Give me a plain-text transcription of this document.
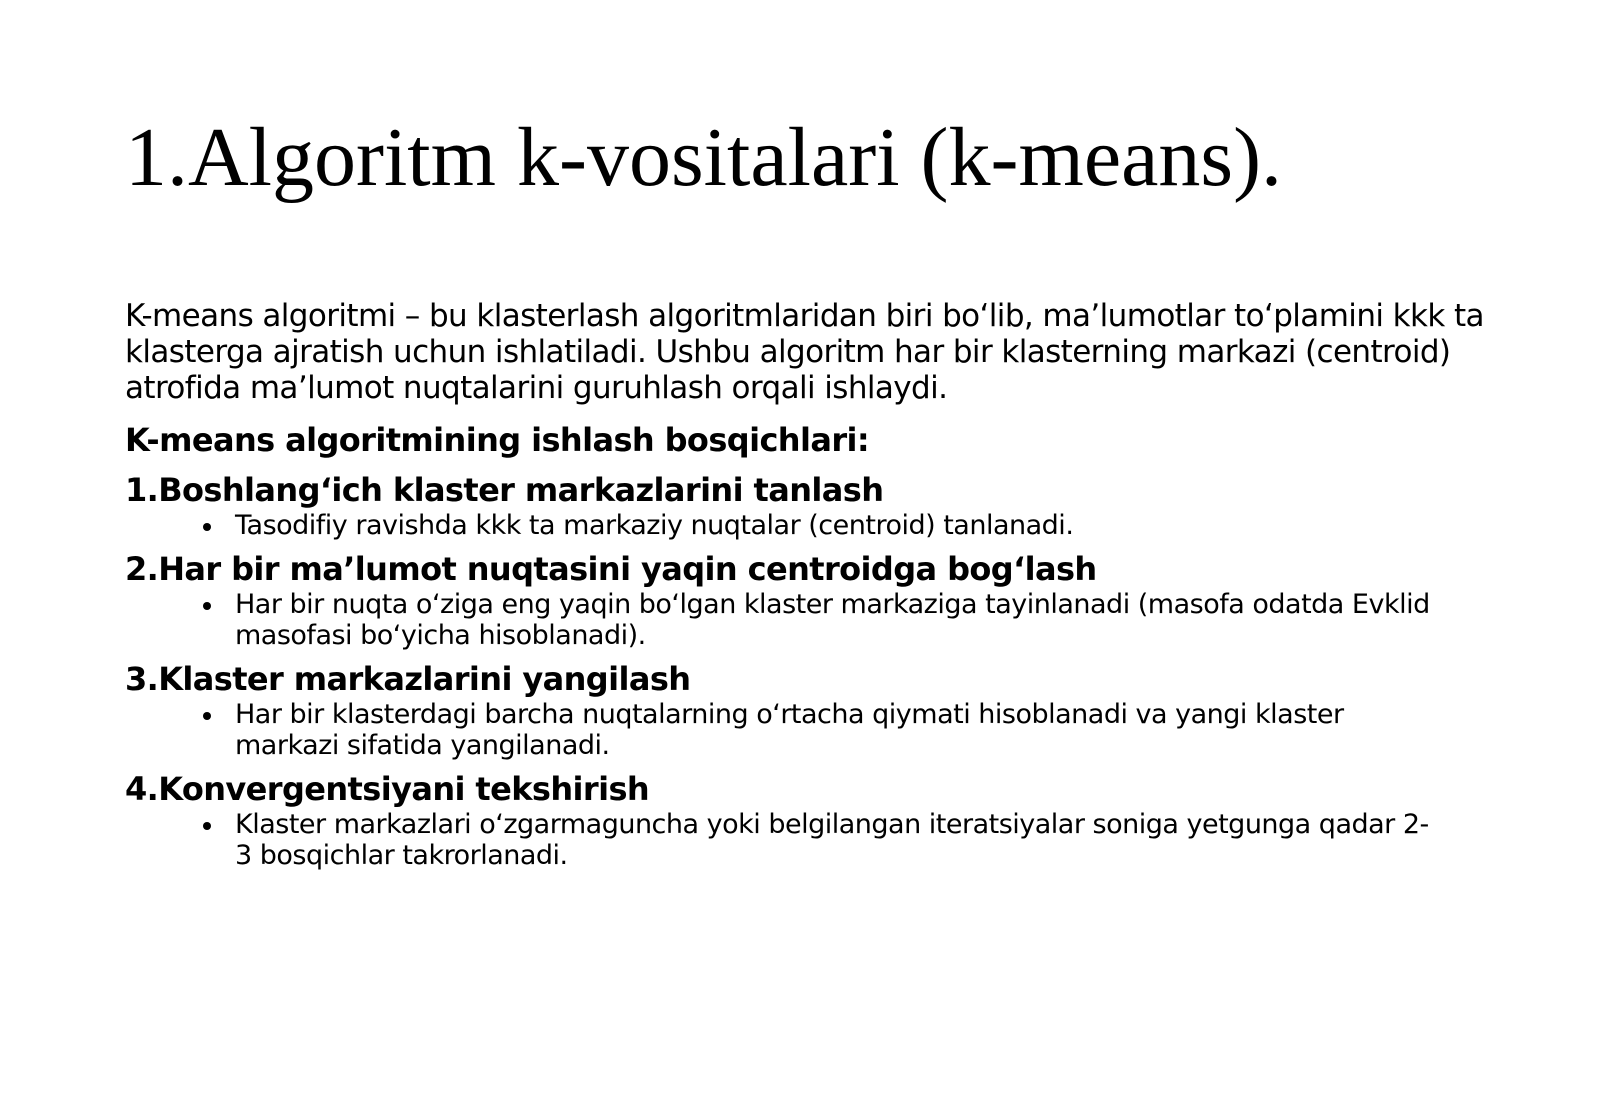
1.Algoritm k-vositalari (k-means).

K-means algoritmi – bu klasterlash algoritmlaridan biri bo‘lib, ma’lumotlar to‘plamini kkk ta klasterga ajratish uchun ishlatiladi. Ushbu algoritm har bir klasterning markazi (centroid) atrofida ma’lumot nuqtalarini guruhlash orqali ishlaydi.

K-means algoritmining ishlash bosqichlari:

1.Boshlang‘ich klaster markazlarini tanlash

Tasodifiy ravishda kkk ta markaziy nuqtalar (centroid) tanlanadi.

2.Har bir ma’lumot nuqtasini yaqin centroidga bog‘lash

Har bir nuqta o‘ziga eng yaqin bo‘lgan klaster markaziga tayinlanadi (masofa odatda Evklid masofasi bo‘yicha hisoblanadi).

3.Klaster markazlarini yangilash

Har bir klasterdagi barcha nuqtalarning o‘rtacha qiymati hisoblanadi va yangi klaster markazi sifatida yangilanadi.

4.Konvergentsiyani tekshirish

Klaster markazlari o‘zgarmaguncha yoki belgilangan iteratsiyalar soniga yetgunga qadar 2-3 bosqichlar takrorlanadi.
